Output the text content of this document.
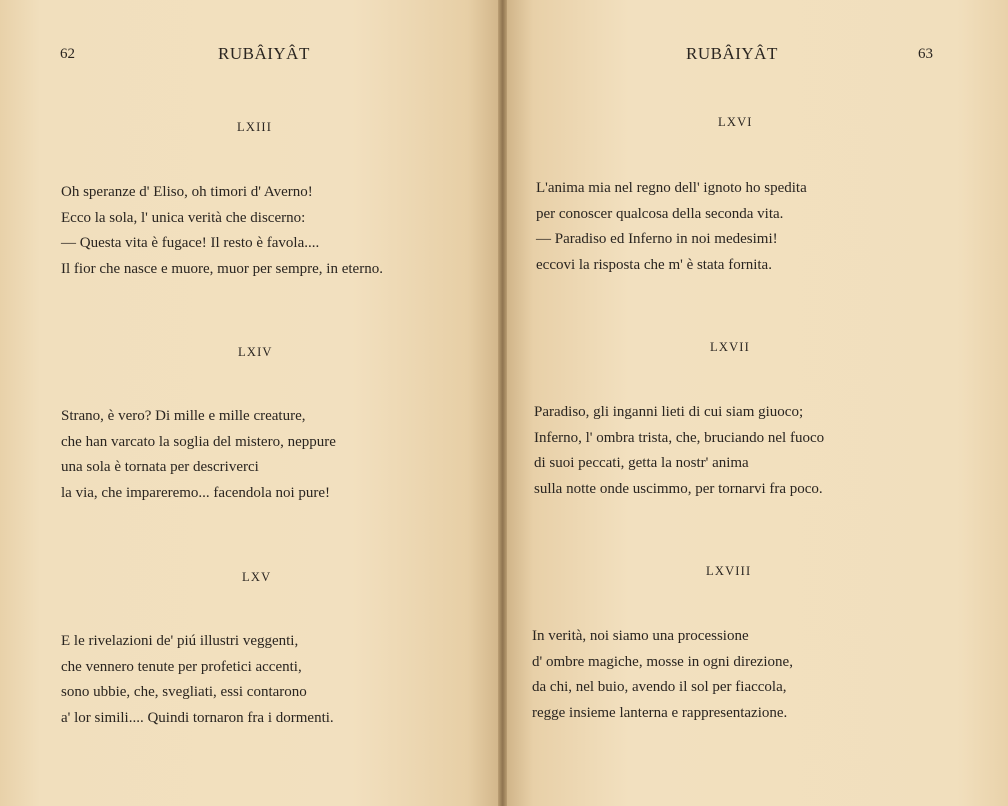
62	RUBÂIYÂT
LXIII
Oh speranze d' Eliso, oh timori d' Averno!
Ecco la sola, l' unica verità che discerno:
— Questa vita è fugace! Il resto è favola....
Il fior che nasce e muore, muor per sempre, in eterno.
LXIV
Strano, è vero? Di mille e mille creature,
che han varcato la soglia del mistero, neppure
una sola è tornata per descriverci
la via, che impareremo... facendola noi pure!
LXV
E le rivelazioni de' piú illustri veggenti,
che vennero tenute per profetici accenti,
sono ubbie, che, svegliati, essi contarono
a' lor simili.... Quindi tornaron fra i dormenti.
RUBÂIYÂT	63
LXVI
L'anima mia nel regno dell' ignoto ho spedita
per conoscer qualcosa della seconda vita.
— Paradiso ed Inferno in noi medesimi!
eccovi la risposta che m' è stata fornita.
LXVII
Paradiso, gli inganni lieti di cui siam giuoco;
Inferno, l' ombra trista, che, bruciando nel fuoco
di suoi peccati, getta la nostr' anima
sulla notte onde uscimmo, per tornarvi fra poco.
LXVIII
In verità, noi siamo una processione
d' ombre magiche, mosse in ogni direzione,
da chi, nel buio, avendo il sol per fiaccola,
regge insieme lanterna e rappresentazione.
